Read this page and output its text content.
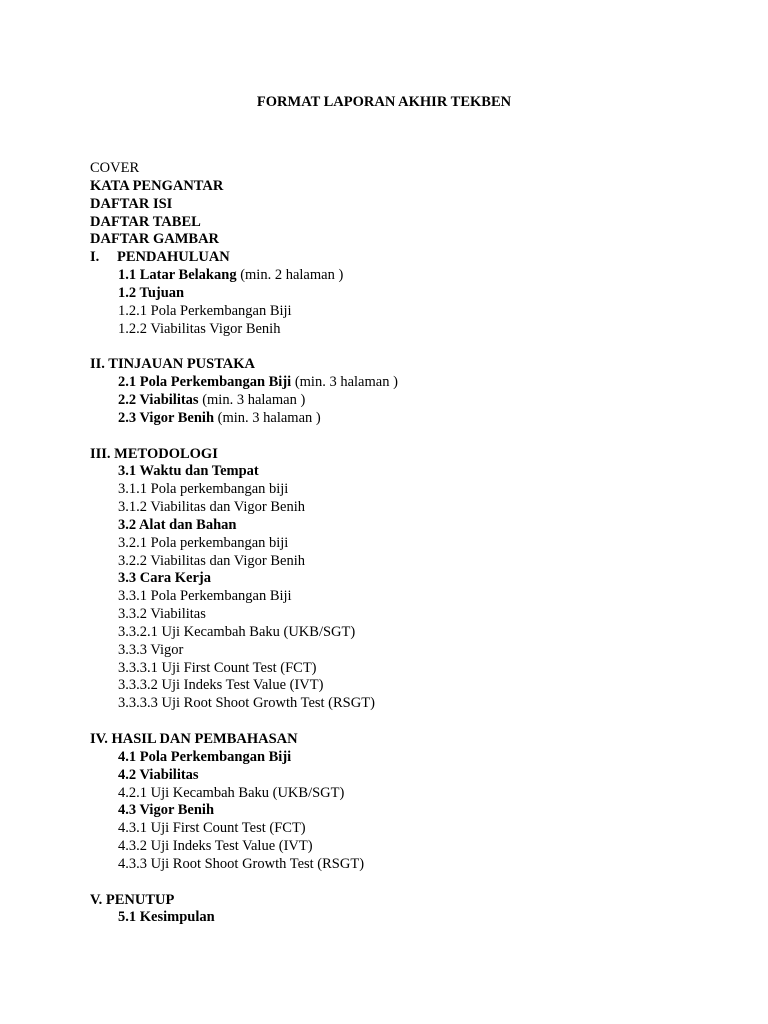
FORMAT LAPORAN AKHIR TEKBEN
COVER
KATA PENGANTAR
DAFTAR ISI
DAFTAR TABEL
DAFTAR GAMBAR
I. PENDAHULUAN
1.1 Latar Belakang (min. 2 halaman )
1.2 Tujuan
1.2.1 Pola Perkembangan Biji
1.2.2 Viabilitas Vigor Benih
II. TINJAUAN PUSTAKA
2.1 Pola Perkembangan Biji (min. 3 halaman )
2.2 Viabilitas (min. 3 halaman )
2.3 Vigor Benih (min. 3 halaman )
III. METODOLOGI
3.1 Waktu dan Tempat
3.1.1 Pola perkembangan biji
3.1.2 Viabilitas dan Vigor Benih
3.2 Alat dan Bahan
3.2.1 Pola perkembangan biji
3.2.2 Viabilitas dan Vigor Benih
3.3 Cara Kerja
3.3.1 Pola Perkembangan Biji
3.3.2 Viabilitas
3.3.2.1 Uji Kecambah Baku (UKB/SGT)
3.3.3 Vigor
3.3.3.1 Uji First Count Test (FCT)
3.3.3.2 Uji Indeks Test Value (IVT)
3.3.3.3 Uji Root Shoot Growth Test (RSGT)
IV. HASIL DAN PEMBAHASAN
4.1 Pola Perkembangan Biji
4.2 Viabilitas
4.2.1 Uji Kecambah Baku (UKB/SGT)
4.3 Vigor Benih
4.3.1 Uji First Count Test (FCT)
4.3.2 Uji Indeks Test Value (IVT)
4.3.3 Uji Root Shoot Growth Test (RSGT)
V. PENUTUP
5.1 Kesimpulan
